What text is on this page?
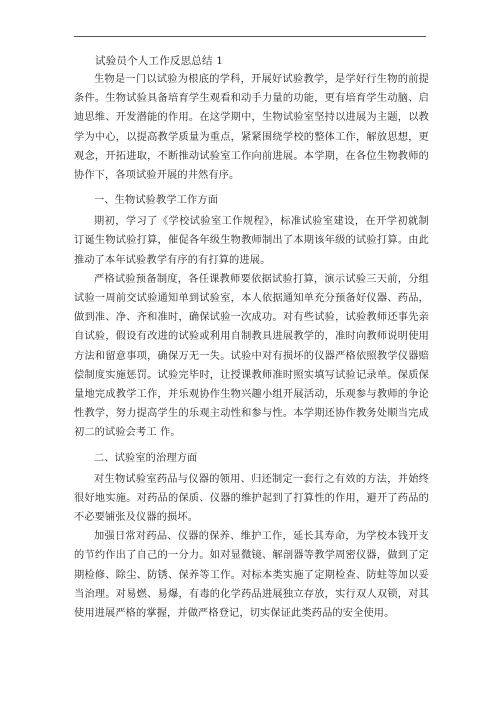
试验员个人工作反思总结 1

生物是一门以试验为根底的学科，开展好试验教学，是学好行生物的前提条件。生物试验具备培育学生观看和动手力量的功能，更有培育学生动脑、启迪思维、开发潜能的作用。在这学期中，生物试验室坚持以进展为主题，以教学为中心，以提高教学质量为重点，紧紧围绕学校的整体工作，解放思想，更观念，开拓进取，不断推动试验室工作向前进展。本学期，在各位生物教师的协作下，各项试验开展的井然有序。

一、生物试验教学工作方面

期初，学习了《学校试验室工作规程》，标准试验室建设，在开学初就制订诞生物试验打算，催促各年级生物教师制出了本期该年级的试验打算。由此推动了本年试验教学有序的有打算的进展。

严格试验预备制度，各任课教师要依据试验打算，演示试验三天前，分组试验一周前交试验通知单到试验室，本人依据通知单充分预备好仪器、药品，做到准、净、齐和准时，确保试验一次成功。对有些试验，试验教师还事先亲自试验，假设有改进的试验或利用自制教具进展教学的，准时向教师说明使用方法和留意事项，确保万无一失。试验中对有损坏的仪器严格依照教学仪器赔偿制度实施惩罚。试验完毕时，让授课教师准时照实填写试验记录单。保质保量地完成教学工作，并乐观协作生物兴趣小组开展活动，乐观参与教师的争论性教学，努力提高学生的乐观主动性和参与性。本学期还协作教务处顺当完成初二的试验会考工 作。

二、试验室的治理方面

对生物试验室药品与仪器的领用、归还制定一套行之有效的方法，并始终很好地实施。对药品的保质、仪器的维护起到了打算性的作用，避开了药品的不必要铺张及仪器的损坏。

加强日常对药品、仪器的保养、维护工作，延长其寿命，为学校本钱开支的节约作出了自己的一分力。如对显微镜、解剖器等教学周密仪器，做到了定期检修、除尘、防锈、保养等工作。对标本类实施了定期检查、防蛀等加以妥当治理。对易燃、易爆，有毒的化学药品进展独立存放，实行双人双锁，对其使用进展严格的掌握，并做严格登记，切实保证此类药品的安全使用。
